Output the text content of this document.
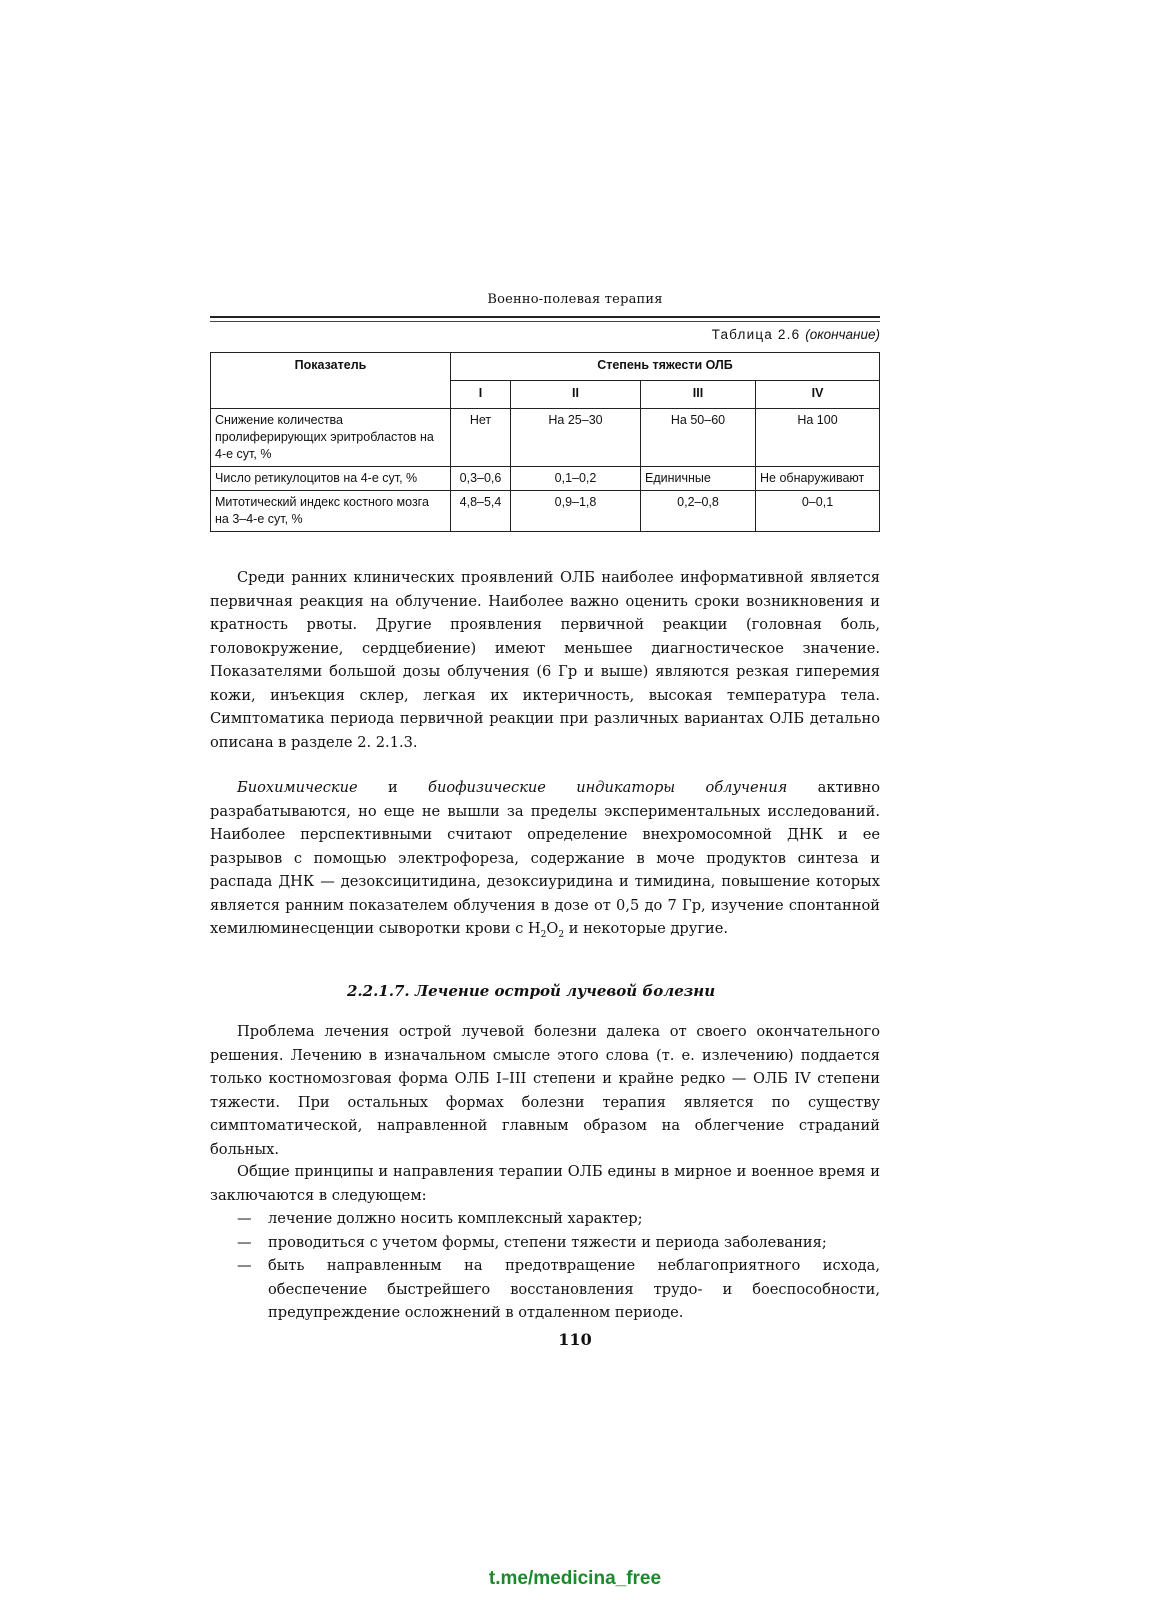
Военно-полевая терапия
Таблица 2.6 (окончание)
Показатель	Степень тяжести ОЛБ			
	I	II	III	IV
Снижение количества пролиферирующих эритробластов на 4-е сут, %	Нет	На 25–30	На 50–60	На 100
Число ретикулоцитов на 4-е сут, %	0,3–0,6	0,1–0,2	Единичные	Не обнаруживают
Митотический индекс костного мозга на 3–4-е сут, %	4,8–5,4	0,9–1,8	0,2–0,8	0–0,1

Среди ранних клинических проявлений ОЛБ наиболее информативной является первичная реакция на облучение. Наиболее важно оценить сроки возникновения и кратность рвоты. Другие проявления первичной реакции (головная боль, головокружение, сердцебиение) имеют меньшее диагностическое значение. Показателями большой дозы облучения (6 Гр и выше) являются резкая гиперемия кожи, инъекция склер, легкая их иктеричность, высокая температура тела. Симптоматика периода первичной реакции при различных вариантах ОЛБ детально описана в разделе 2. 2.1.3.

Биохимические и биофизические индикаторы облучения активно разрабатываются, но еще не вышли за пределы экспериментальных исследований. Наиболее перспективными считают определение внехромосомной ДНК и ее разрывов с помощью электрофореза, содержание в моче продуктов синтеза и распада ДНК — дезоксицитидина, дезоксиуридина и тимидина, повышение которых является ранним показателем облучения в дозе от 0,5 до 7 Гр, изучение спонтанной хемилюминесценции сыворотки крови с $H_2O_2$ и некоторые другие.

2.2.1.7. Лечение острой лучевой болезни

Проблема лечения острой лучевой болезни далека от своего окончательного решения. Лечению в изначальном смысле этого слова (т. е. излечению) поддается только костномозговая форма ОЛБ I–III степени и крайне редко — ОЛБ IV степени тяжести. При остальных формах болезни терапия является по существу симптоматической, направленной главным образом на облегчение страданий больных.

Общие принципы и направления терапии ОЛБ едины в мирное и военное время и заключаются в следующем:

— лечение должно носить комплексный характер;
— проводиться с учетом формы, степени тяжести и периода заболевания;
— быть направленным на предотвращение неблагоприятного исхода, обеспечение быстрейшего восстановления трудо- и боеспособности, предупреждение осложнений в отдаленном периоде.
110
t.me/medicina_free
